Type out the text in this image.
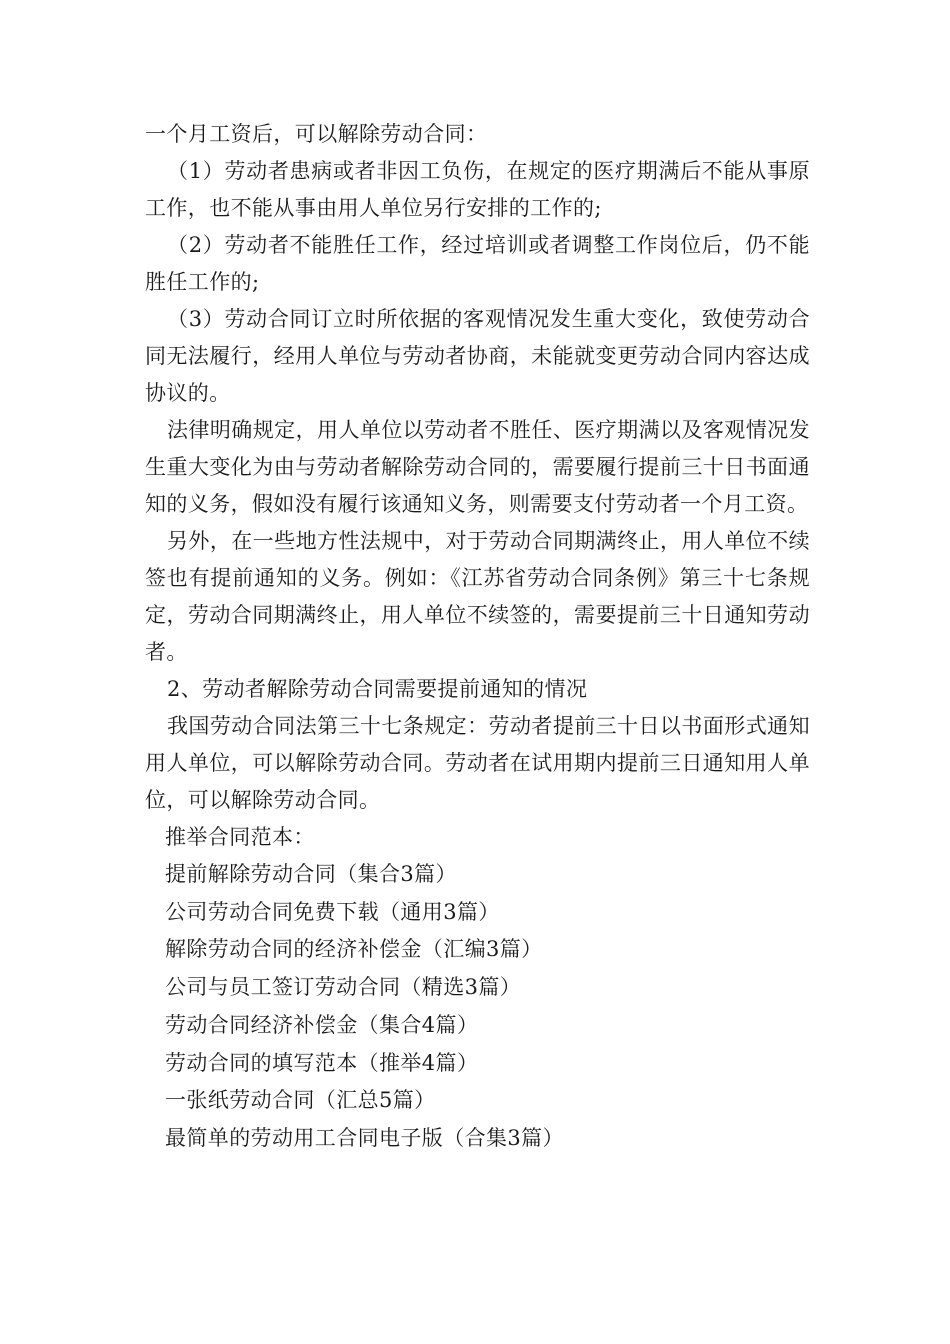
一个月工资后，可以解除劳动合同：

（1）劳动者患病或者非因工负伤，在规定的医疗期满后不能从事原工作，也不能从事由用人单位另行安排的工作的;

（2）劳动者不能胜任工作，经过培训或者调整工作岗位后，仍不能胜任工作的;

（3）劳动合同订立时所依据的客观情况发生重大变化，致使劳动合同无法履行，经用人单位与劳动者协商，未能就变更劳动合同内容达成协议的。

法律明确规定，用人单位以劳动者不胜任、医疗期满以及客观情况发生重大变化为由与劳动者解除劳动合同的，需要履行提前三十日书面通知的义务，假如没有履行该通知义务，则需要支付劳动者一个月工资。

另外，在一些地方性法规中，对于劳动合同期满终止，用人单位不续签也有提前通知的义务。例如：《江苏省劳动合同条例》第三十七条规定，劳动合同期满终止，用人单位不续签的，需要提前三十日通知劳动者。

2、劳动者解除劳动合同需要提前通知的情况

我国劳动合同法第三十七条规定：劳动者提前三十日以书面形式通知用人单位，可以解除劳动合同。劳动者在试用期内提前三日通知用人单位，可以解除劳动合同。

推举合同范本：

提前解除劳动合同（集合3篇）
公司劳动合同免费下载（通用3篇）
解除劳动合同的经济补偿金（汇编3篇）
公司与员工签订劳动合同（精选3篇）
劳动合同经济补偿金（集合4篇）
劳动合同的填写范本（推举4篇）
一张纸劳动合同（汇总5篇）
最简单的劳动用工合同电子版（合集3篇）
